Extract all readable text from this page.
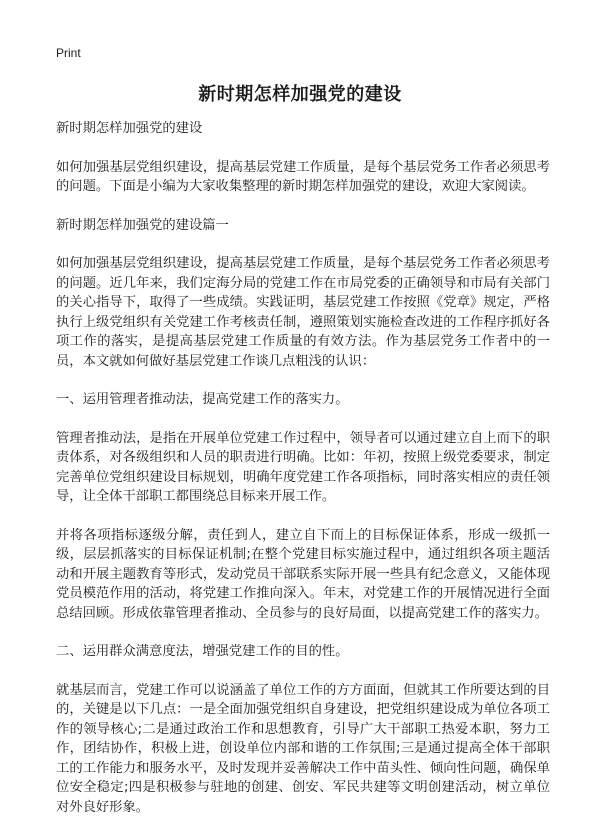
Print
新时期怎样加强党的建设

新时期怎样加强党的建设

如何加强基层党组织建设，提高基层党建工作质量，是每个基层党务工作者必须思考的问题。下面是小编为大家收集整理的新时期怎样加强党的建设，欢迎大家阅读。

新时期怎样加强党的建设篇一

如何加强基层党组织建设，提高基层党建工作质量，是每个基层党务工作者必须思考的问题。近几年来，我们定海分局的党建工作在市局党委的正确领导和市局有关部门的关心指导下，取得了一些成绩。实践证明，基层党建工作按照《党章》规定，严格执行上级党组织有关党建工作考核责任制，遵照策划实施检查改进的工作程序抓好各项工作的落实，是提高基层党建工作质量的有效方法。作为基层党务工作者中的一员，本文就如何做好基层党建工作谈几点粗浅的认识：

一、运用管理者推动法，提高党建工作的落实力。

管理者推动法，是指在开展单位党建工作过程中，领导者可以通过建立自上而下的职责体系，对各级组织和人员的职责进行明确。比如：年初，按照上级党委要求，制定完善单位党组织建设目标规划，明确年度党建工作各项指标，同时落实相应的责任领导，让全体干部职工都围绕总目标来开展工作。

并将各项指标逐级分解，责任到人，建立自下而上的目标保证体系，形成一级抓一级，层层抓落实的目标保证机制;在整个党建目标实施过程中，通过组织各项主题活动和开展主题教育等形式，发动党员干部联系实际开展一些具有纪念意义，又能体现党员模范作用的活动，将党建工作推向深入。年末，对党建工作的开展情况进行全面总结回顾。形成依靠管理者推动、全员参与的良好局面，以提高党建工作的落实力。

二、运用群众满意度法，增强党建工作的目的性。

就基层而言，党建工作可以说涵盖了单位工作的方方面面，但就其工作所要达到的目的，关键是以下几点：一是全面加强党组织自身建设，把党组织建设成为单位各项工作的领导核心;二是通过政治工作和思想教育，引导广大干部职工热爱本职，努力工作，团结协作，积极上进，创设单位内部和谐的工作氛围;三是通过提高全体干部职工的工作能力和服务水平，及时发现并妥善解决工作中苗头性、倾向性问题，确保单位安全稳定;四是积极参与驻地的创建、创安、军民共建等文明创建活动，树立单位对外良好形象。
